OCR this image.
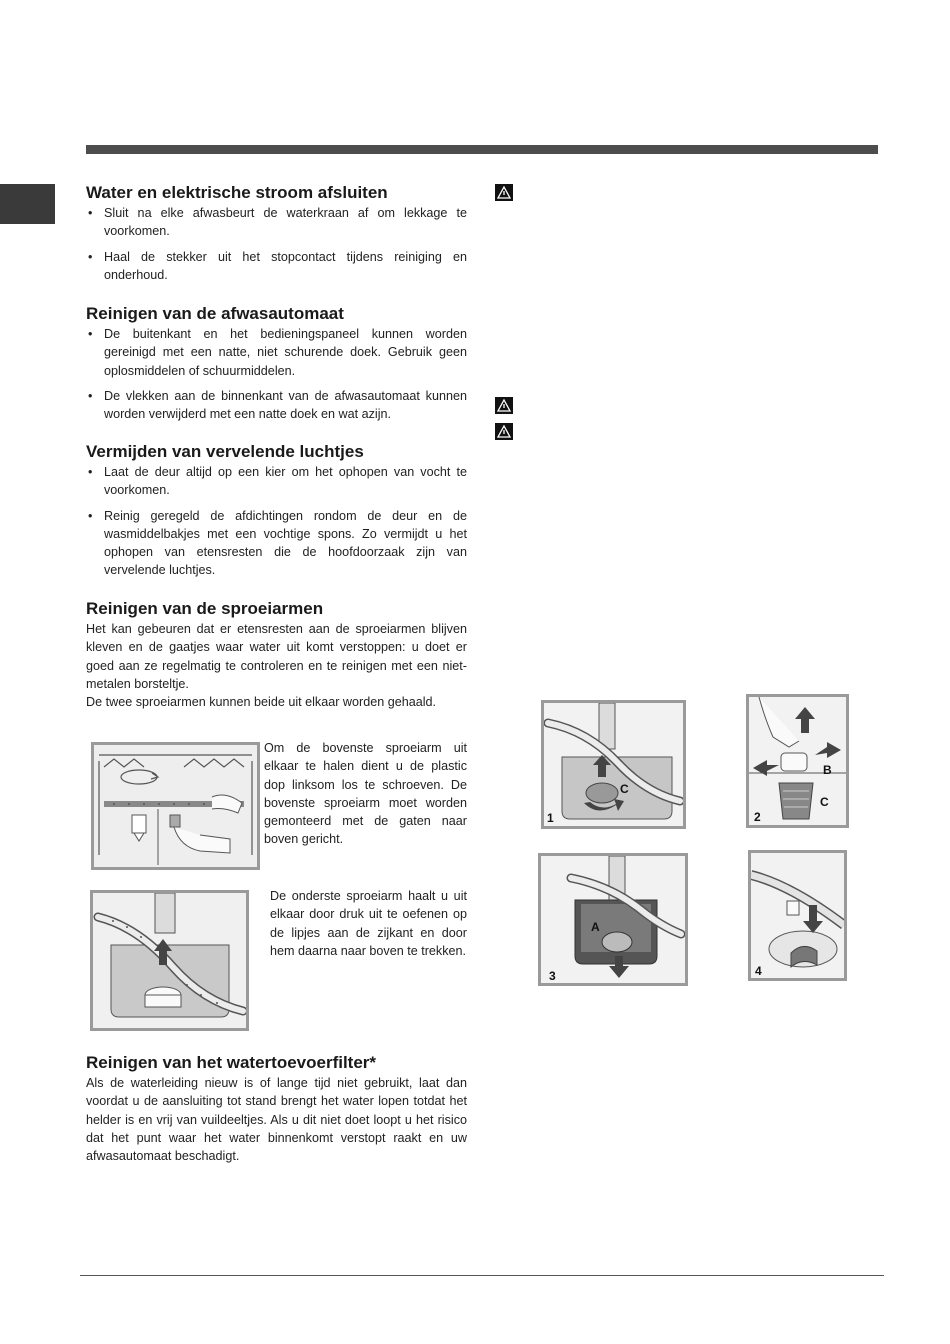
Water en elektrische stroom afsluiten
• Sluit na elke afwasbeurt de waterkraan af om lekkage te voorkomen.
• Haal de stekker uit het stopcontact tijdens reiniging en onderhoud.
Reinigen van de afwasautomaat
• De buitenkant en het bedieningspaneel kunnen worden gereinigd met een natte, niet schurende doek. Gebruik geen oplosmiddelen of schuurmiddelen.
• De vlekken aan de binnenkant van de afwasautomaat kunnen worden verwijderd met een natte doek en wat azijn.
Vermijden van vervelende luchtjes
• Laat de deur altijd op een kier om het ophopen van vocht te voorkomen.
• Reinig geregeld de afdichtingen rondom de deur en de wasmiddelbakjes met een vochtige spons. Zo vermijdt u het ophopen van etensresten die de hoofdoorzaak zijn van vervelende luchtjes.
Reinigen van de sproeiarmen

Het kan gebeuren dat er etensresten aan de sproeiarmen blijven kleven en de gaatjes waar water uit komt verstoppen: u doet er goed aan ze regelmatig te controleren en te reinigen met een niet-metalen borsteltje.

De twee sproeiarmen kunnen beide uit elkaar worden gehaald.

Om de bovenste sproeiarm uit elkaar te halen dient u de plastic dop linksom los te schroeven. De bovenste sproeiarm moet worden gemonteerd met de gaten naar boven gericht.

De onderste sproeiarm haalt u uit elkaar door druk uit te oefenen op de lipjes aan de zijkant en door hem daarna naar boven te trekken.

Reinigen van het watertoevoerfilter*

Als de waterleiding nieuw is of lange tijd niet gebruikt, laat dan voordat u de aansluiting tot stand brengt het water lopen totdat het helder is en vrij van vuildeeltjes. Als u dit niet doet loopt u het risico dat het punt waar het water binnenkomt verstopt raakt en uw afwasautomaat beschadigt.

1
C
2
B
C
3
A
4
